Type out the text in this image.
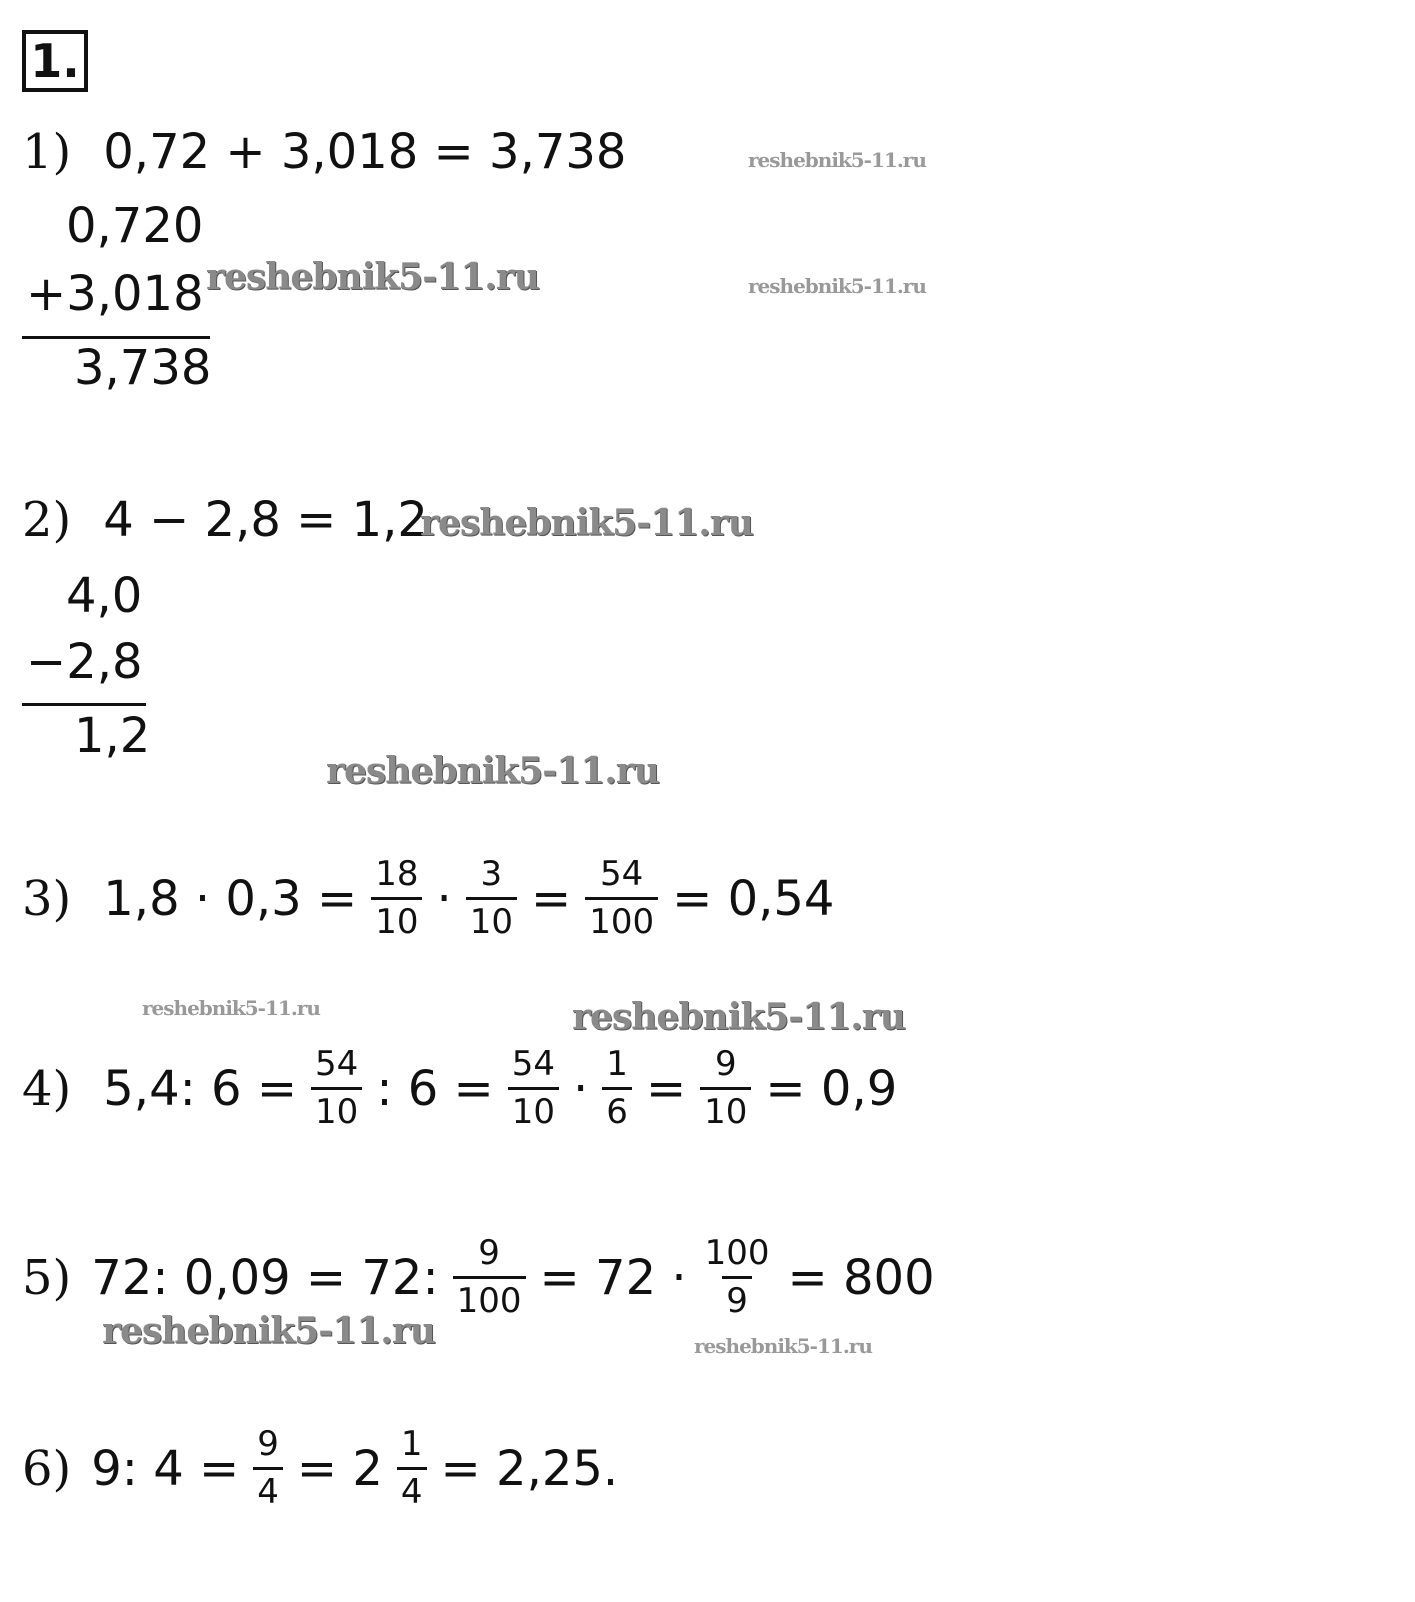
1.
1) 0,72 + 3,018 = 3,738
0,720
+3,018
3,738
2) 4 − 2,8 = 1,2
4,0
−2,8
1,2
3) $1,8 \cdot 0,3 = \frac{18}{10} \cdot \frac{3}{10} = \frac{54}{100} = 0,54$
4) 5,4: $6 = \frac{54}{10}$ : $6 = \frac{54}{10} \cdot \frac{1}{6} = \frac{9}{10} = 0,9$
5) 72: 0,09 = 72: $\frac{9}{100} = 72 \cdot \frac{100}{9} = 800$
6) 9: $4 = \frac{9}{4} = 2 \frac{1}{4} = 2,25$.
reshebnik5-11.ru
reshebnik5-11.ru	reshebnik5-11.ru
reshebnik5-11.ru
reshebnik5-11.ru
reshebnik5-11.ru	reshebnik5-11.ru
reshebnik5-11.ru	reshebnik5-11.ru
